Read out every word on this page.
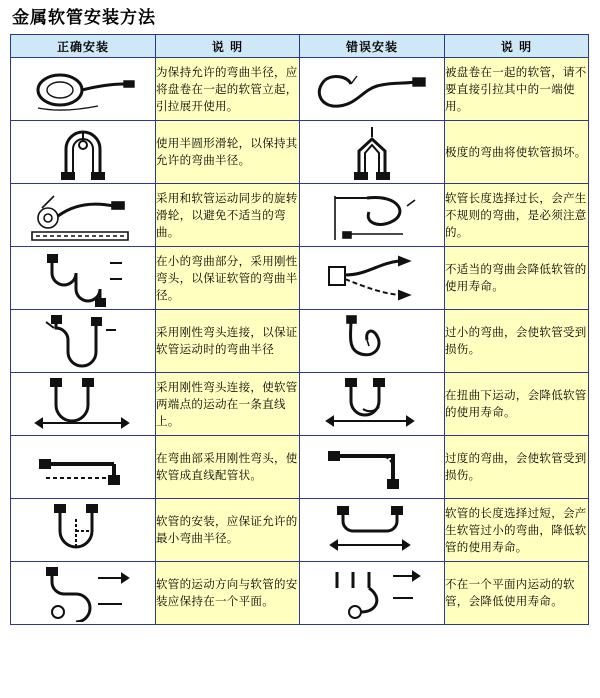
金属软管安装方法
正确安装	说 明	错误安装	说 明

	为保持允许的弯曲半径，应将盘卷在一起的软管立起，引拉展开使用。		被盘卷在一起的软管，请不要直接引拉其中的一端使用。

	使用半圆形滑轮，以保持其允许的弯曲半径。		极度的弯曲将使软管损坏。

	采用和软管运动同步的旋转滑轮，以避免不适当的弯曲。		软管长度选择过长，会产生不规则的弯曲，是必须注意的。

	在小的弯曲部分，采用刚性弯头，以保证软管的弯曲半径。		不适当的弯曲会降低软管的使用寿命。

	采用刚性弯头连接，以保证软管运动时的弯曲半径		过小的弯曲，会使软管受到损伤。

	采用刚性弯头连接，使软管两端点的运动在一条直线上。		在扭曲下运动，会降低软管的使用寿命。

	在弯曲部采用刚性弯头，使软管成直线配管状。		过度的弯曲，会使软管受到损伤。

	软管的安装，应保证允许的最小弯曲半径。		软管的长度选择过短，会产生软管过小的弯曲，降低软管的使用寿命。

	软管的运动方向与软管的安装应保持在一个平面。		不在一个平面内运动的软管，会降低使用寿命。
